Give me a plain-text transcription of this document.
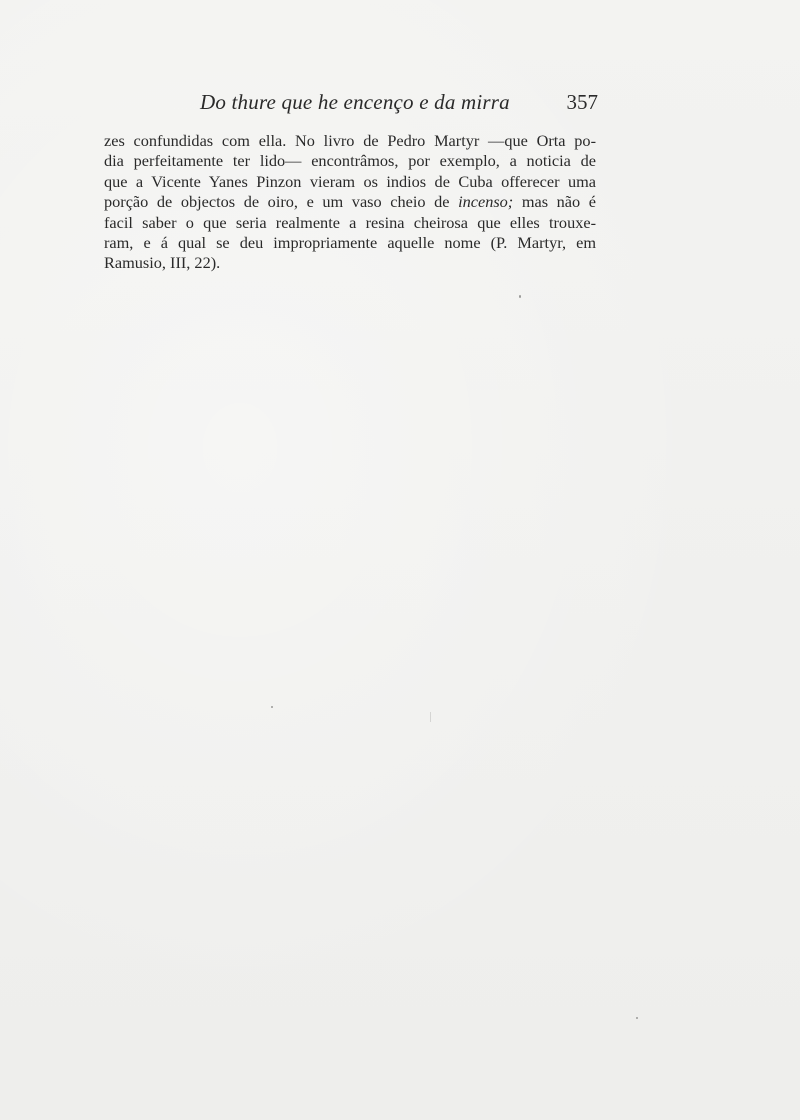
Do thure que he encenço e da mirra	357
zes confundidas com ella. No livro de Pedro Martyr —que Orta po-
dia perfeitamente ter lido— encontrâmos, por exemplo, a noticia de
que a Vicente Yanes Pinzon vieram os indios de Cuba offerecer uma
porção de objectos de oiro, e um vaso cheio de incenso; mas não é
facil saber o que seria realmente a resina cheirosa que elles trouxe-
ram, e á qual se deu impropriamente aquelle nome (P. Martyr, em
Ramusio, III, 22).
